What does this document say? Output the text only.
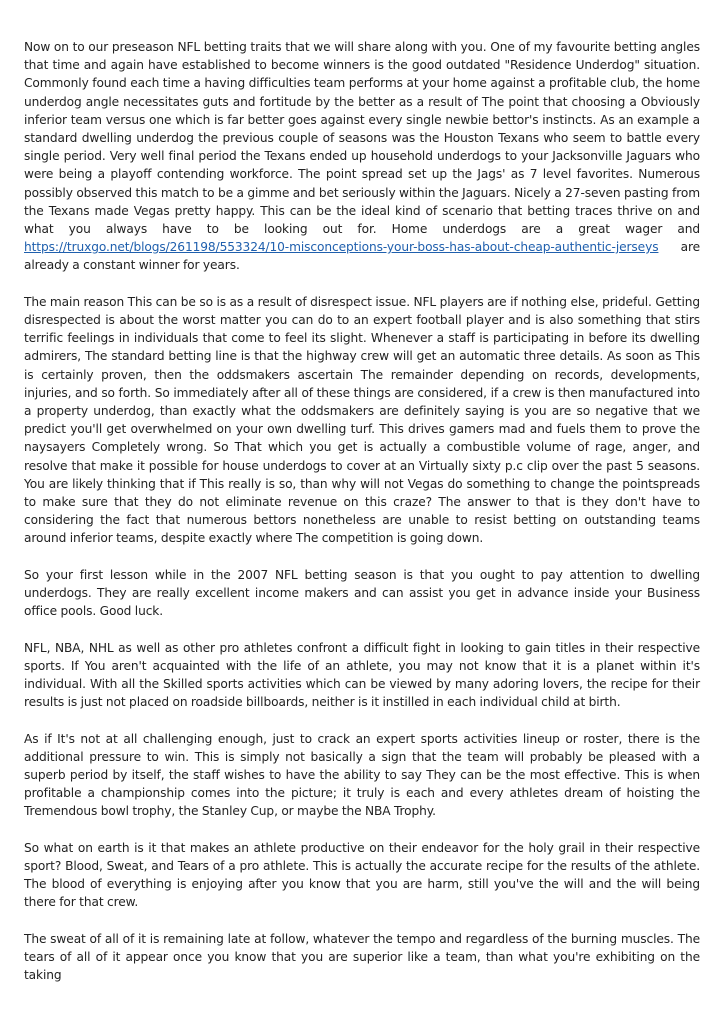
Now on to our preseason NFL betting traits that we will share along with you. One of my favourite betting angles that time and again have established to become winners is the good outdated "Residence Underdog" situation. Commonly found each time a having difficulties team performs at your home against a profitable club, the home underdog angle necessitates guts and fortitude by the better as a result of The point that choosing a Obviously inferior team versus one which is far better goes against every single newbie bettor's instincts. As an example a standard dwelling underdog the previous couple of seasons was the Houston Texans who seem to battle every single period. Very well final period the Texans ended up household underdogs to your Jacksonville Jaguars who were being a playoff contending workforce. The point spread set up the Jags' as 7 level favorites. Numerous possibly observed this match to be a gimme and bet seriously within the Jaguars. Nicely a 27-seven pasting from the Texans made Vegas pretty happy. This can be the ideal kind of scenario that betting traces thrive on and what you always have to be looking out for. Home underdogs are a great wager and https://truxgo.net/blogs/261198/553324/10-misconceptions-your-boss-has-about-cheap-authentic-jerseys are already a constant winner for years.

The main reason This can be so is as a result of disrespect issue. NFL players are if nothing else, prideful. Getting disrespected is about the worst matter you can do to an expert football player and is also something that stirs terrific feelings in individuals that come to feel its slight. Whenever a staff is participating in before its dwelling admirers, The standard betting line is that the highway crew will get an automatic three details. As soon as This is certainly proven, then the oddsmakers ascertain The remainder depending on records, developments, injuries, and so forth. So immediately after all of these things are considered, if a crew is then manufactured into a property underdog, than exactly what the oddsmakers are definitely saying is you are so negative that we predict you'll get overwhelmed on your own dwelling turf. This drives gamers mad and fuels them to prove the naysayers Completely wrong. So That which you get is actually a combustible volume of rage, anger, and resolve that make it possible for house underdogs to cover at an Virtually sixty p.c clip over the past 5 seasons. You are likely thinking that if This really is so, than why will not Vegas do something to change the pointspreads to make sure that they do not eliminate revenue on this craze? The answer to that is they don't have to considering the fact that numerous bettors nonetheless are unable to resist betting on outstanding teams around inferior teams, despite exactly where The competition is going down.

So your first lesson while in the 2007 NFL betting season is that you ought to pay attention to dwelling underdogs. They are really excellent income makers and can assist you get in advance inside your Business office pools. Good luck.

NFL, NBA, NHL as well as other pro athletes confront a difficult fight in looking to gain titles in their respective sports. If You aren't acquainted with the life of an athlete, you may not know that it is a planet within it's individual. With all the Skilled sports activities which can be viewed by many adoring lovers, the recipe for their results is just not placed on roadside billboards, neither is it instilled in each individual child at birth.

As if It's not at all challenging enough, just to crack an expert sports activities lineup or roster, there is the additional pressure to win. This is simply not basically a sign that the team will probably be pleased with a superb period by itself, the staff wishes to have the ability to say They can be the most effective. This is when profitable a championship comes into the picture; it truly is each and every athletes dream of hoisting the Tremendous bowl trophy, the Stanley Cup, or maybe the NBA Trophy.

So what on earth is it that makes an athlete productive on their endeavor for the holy grail in their respective sport? Blood, Sweat, and Tears of a pro athlete. This is actually the accurate recipe for the results of the athlete. The blood of everything is enjoying after you know that you are harm, still you've the will and the will being there for that crew.

The sweat of all of it is remaining late at follow, whatever the tempo and regardless of the burning muscles. The tears of all of it appear once you know that you are superior like a team, than what you're exhibiting on the taking
